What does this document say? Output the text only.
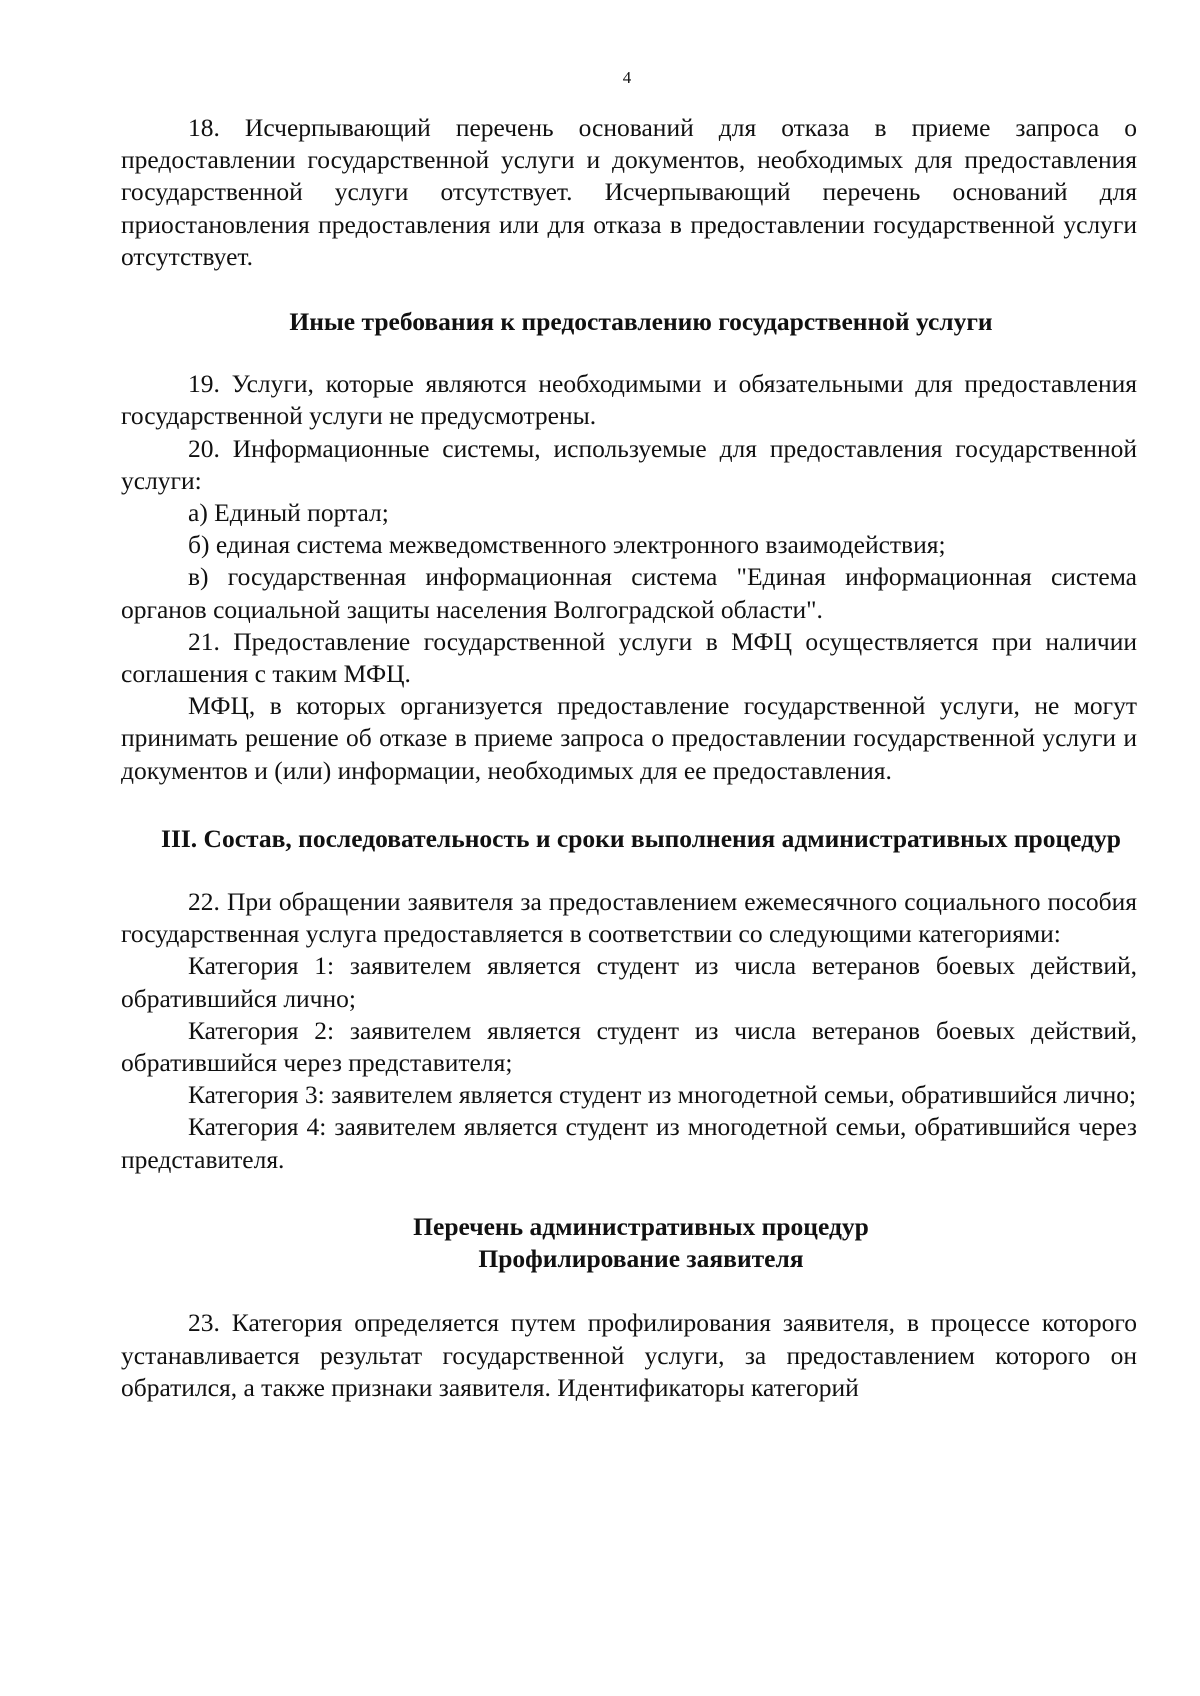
4

18. Исчерпывающий перечень оснований для отказа в приеме запроса о предоставлении государственной услуги и документов, необходимых для предоставления государственной услуги отсутствует. Исчерпывающий перечень оснований для приостановления предоставления или для отказа в предоставлении государственной услуги отсутствует.

Иные требования к предоставлению государственной услуги

19. Услуги, которые являются необходимыми и обязательными для предоставления государственной услуги не предусмотрены.

20. Информационные системы, используемые для предоставления государственной услуги:

а) Единый портал;

б) единая система межведомственного электронного взаимодействия;

в) государственная информационная система "Единая информационная система органов социальной защиты населения Волгоградской области".

21. Предоставление государственной услуги в МФЦ осуществляется при наличии соглашения с таким МФЦ.

МФЦ, в которых организуется предоставление государственной услуги, не могут принимать решение об отказе в приеме запроса о предоставлении государственной услуги и документов и (или) информации, необходимых для ее предоставления.

III. Состав, последовательность и сроки выполнения административных процедур

22. При обращении заявителя за предоставлением ежемесячного социального пособия государственная услуга предоставляется в соответствии со следующими категориями:

Категория 1: заявителем является студент из числа ветеранов боевых действий, обратившийся лично;

Категория 2: заявителем является студент из числа ветеранов боевых действий, обратившийся через представителя;

Категория 3: заявителем является студент из многодетной семьи, обратившийся лично;

Категория 4: заявителем является студент из многодетной семьи, обратившийся через представителя.

Перечень административных процедур
Профилирование заявителя

23. Категория определяется путем профилирования заявителя, в процессе которого устанавливается результат государственной услуги, за предоставлением которого он обратился, а также признаки заявителя. Идентификаторы категорий
